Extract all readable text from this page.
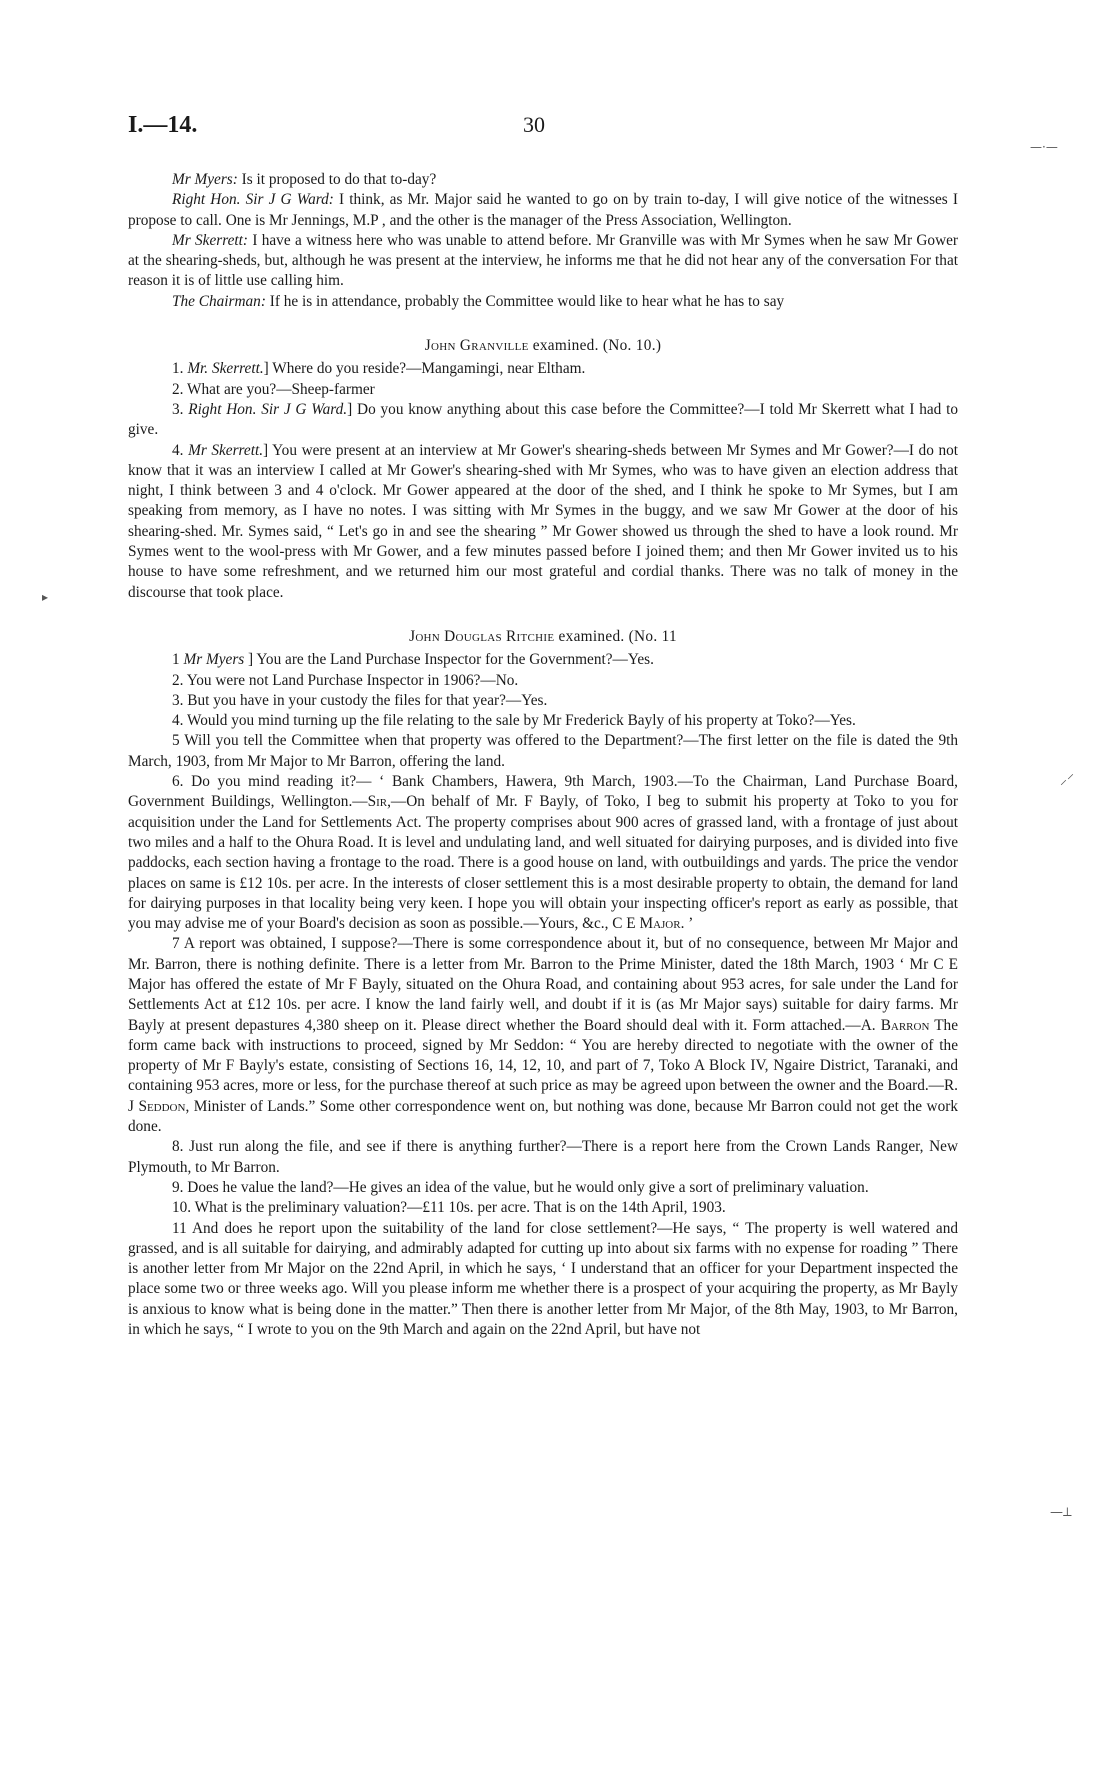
I.—14.	30

Mr Myers: Is it proposed to do that to-day?

Right Hon. Sir J G Ward: I think, as Mr. Major said he wanted to go on by train to-day, I will give notice of the witnesses I propose to call. One is Mr Jennings, M.P , and the other is the manager of the Press Association, Wellington.

Mr Skerrett: I have a witness here who was unable to attend before. Mr Granville was with Mr Symes when he saw Mr Gower at the shearing-sheds, but, although he was present at the interview, he informs me that he did not hear any of the conversation For that reason it is of little use calling him.

The Chairman: If he is in attendance, probably the Committee would like to hear what he has to say

John Granville examined. (No. 10.)

1. Mr. Skerrett.] Where do you reside?—Mangamingi, near Eltham.

2. What are you?—Sheep-farmer

3. Right Hon. Sir J G Ward.] Do you know anything about this case before the Committee?—I told Mr Skerrett what I had to give.

4. Mr Skerrett.] You were present at an interview at Mr Gower's shearing-sheds between Mr Symes and Mr Gower?—I do not know that it was an interview I called at Mr Gower's shearing-shed with Mr Symes, who was to have given an election address that night, I think between 3 and 4 o'clock. Mr Gower appeared at the door of the shed, and I think he spoke to Mr Symes, but I am speaking from memory, as I have no notes. I was sitting with Mr Symes in the buggy, and we saw Mr Gower at the door of his shearing-shed. Mr. Symes said, “ Let's go in and see the shearing ” Mr Gower showed us through the shed to have a look round. Mr Symes went to the wool-press with Mr Gower, and a few minutes passed before I joined them; and then Mr Gower invited us to his house to have some refreshment, and we returned him our most grateful and cordial thanks. There was no talk of money in the discourse that took place.

John Douglas Ritchie examined. (No. 11

1 Mr Myers ] You are the Land Purchase Inspector for the Government?—Yes.

2. You were not Land Purchase Inspector in 1906?—No.

3. But you have in your custody the files for that year?—Yes.

4. Would you mind turning up the file relating to the sale by Mr Frederick Bayly of his property at Toko?—Yes.

5 Will you tell the Committee when that property was offered to the Department?—The first letter on the file is dated the 9th March, 1903, from Mr Major to Mr Barron, offering the land.

6. Do you mind reading it?— ‘ Bank Chambers, Hawera, 9th March, 1903.—To the Chairman, Land Purchase Board, Government Buildings, Wellington.—Sir,—On behalf of Mr. F Bayly, of Toko, I beg to submit his property at Toko to you for acquisition under the Land for Settlements Act. The property comprises about 900 acres of grassed land, with a frontage of just about two miles and a half to the Ohura Road. It is level and undulating land, and well situated for dairying purposes, and is divided into five paddocks, each section having a frontage to the road. There is a good house on land, with outbuildings and yards. The price the vendor places on same is £12 10s. per acre. In the interests of closer settlement this is a most desirable property to obtain, the demand for land for dairying purposes in that locality being very keen. I hope you will obtain your inspecting officer's report as early as possible, that you may advise me of your Board's decision as soon as possible.—Yours, &c., C E Major. ’

7 A report was obtained, I suppose?—There is some correspondence about it, but of no consequence, between Mr Major and Mr. Barron, there is nothing definite. There is a letter from Mr. Barron to the Prime Minister, dated the 18th March, 1903 ‘ Mr C E Major has offered the estate of Mr F Bayly, situated on the Ohura Road, and containing about 953 acres, for sale under the Land for Settlements Act at £12 10s. per acre. I know the land fairly well, and doubt if it is (as Mr Major says) suitable for dairy farms. Mr Bayly at present depastures 4,380 sheep on it. Please direct whether the Board should deal with it. Form attached.—A. Barron The form came back with instructions to proceed, signed by Mr Seddon: “ You are hereby directed to negotiate with the owner of the property of Mr F Bayly's estate, consisting of Sections 16, 14, 12, 10, and part of 7, Toko A Block IV, Ngaire District, Taranaki, and containing 953 acres, more or less, for the purchase thereof at such price as may be agreed upon between the owner and the Board.—R. J Seddon, Minister of Lands.” Some other correspondence went on, but nothing was done, because Mr Barron could not get the work done.

8. Just run along the file, and see if there is anything further?—There is a report here from the Crown Lands Ranger, New Plymouth, to Mr Barron.

9. Does he value the land?—He gives an idea of the value, but he would only give a sort of preliminary valuation.

10. What is the preliminary valuation?—£11 10s. per acre. That is on the 14th April, 1903.

11 And does he report upon the suitability of the land for close settlement?—He says, “ The property is well watered and grassed, and is all suitable for dairying, and admirably adapted for cutting up into about six farms with no expense for roading ” There is another letter from Mr Major on the 22nd April, in which he says, ‘ I understand that an officer for your Department inspected the place some two or three weeks ago. Will you please inform me whether there is a prospect of your acquiring the property, as Mr Bayly is anxious to know what is being done in the matter.” Then there is another letter from Mr Major, of the 8th May, 1903, to Mr Barron, in which he says, “ I wrote to you on the 9th March and again on the 22nd April, but have not

—·—
▸
⸝⸍
—⟂
